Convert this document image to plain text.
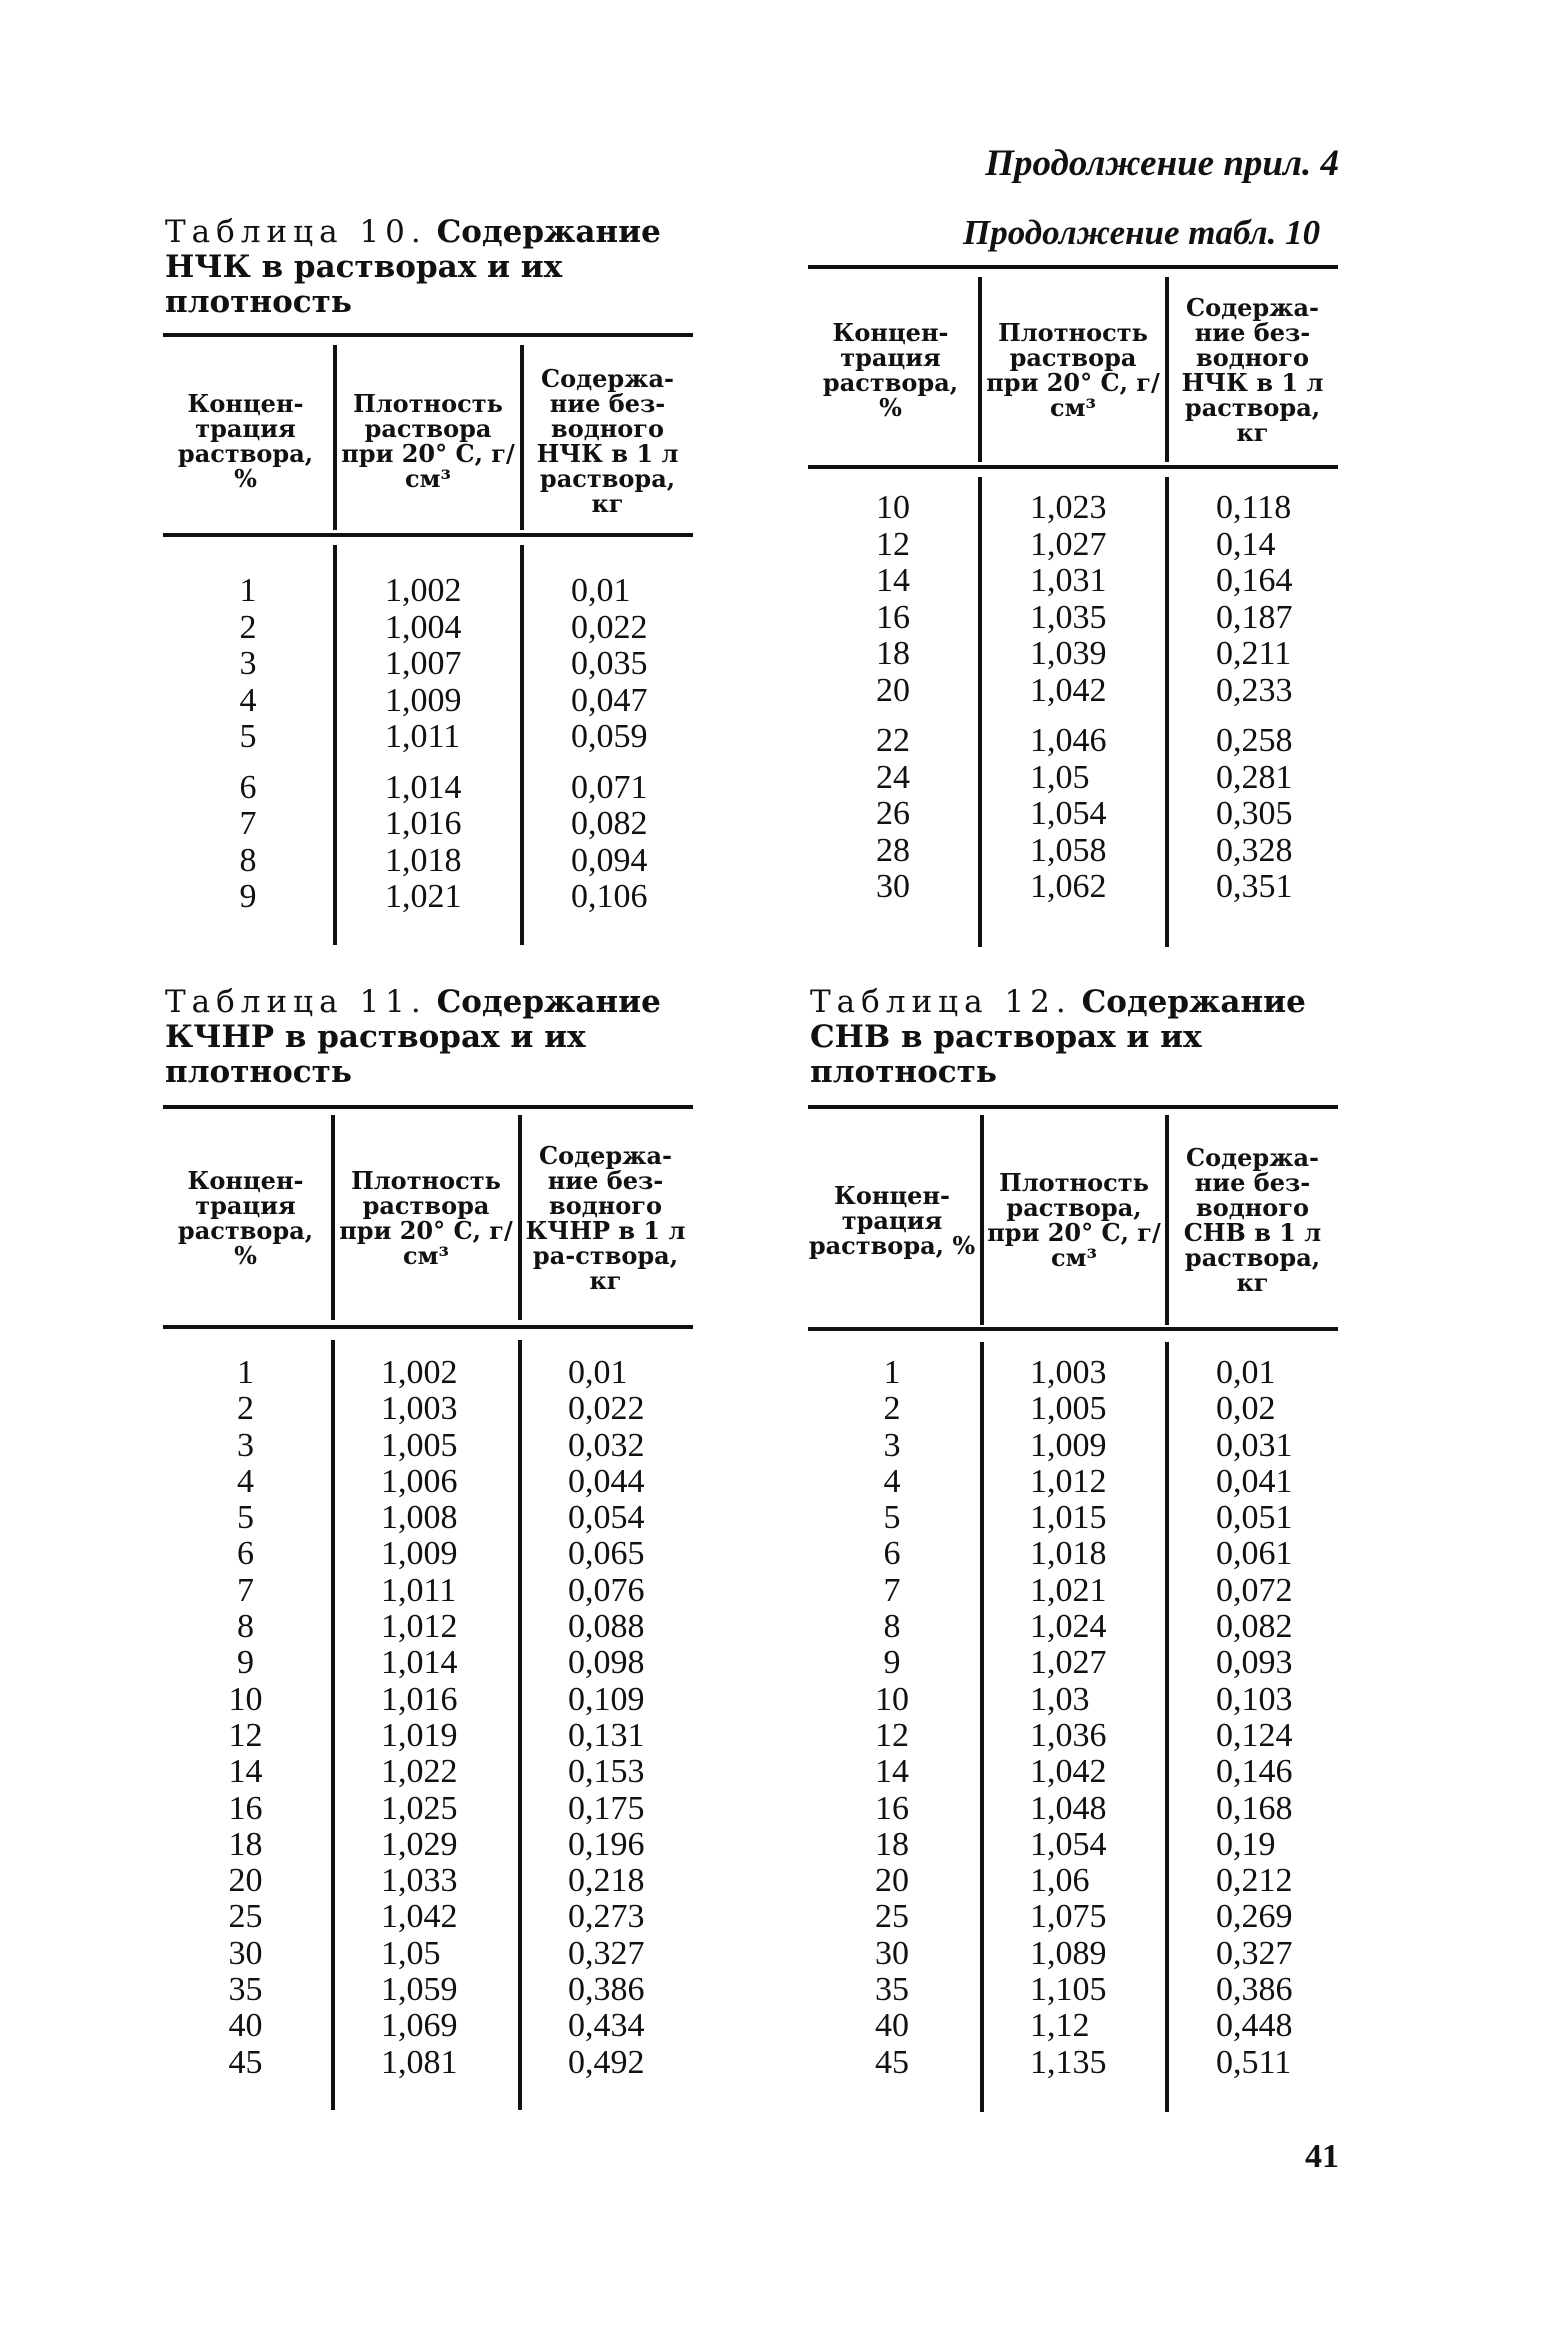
Продолжение прил. 4
Таблица 10. Содержание НЧК в растворах и их плотность
Концен-трация раствора, %
Плотность раствора при 20° С, г/см³
Содержа-ние без-водного НЧК в 1 л раствора, кг
1
2
3
4
5
1,002
1,004
1,007
1,009
1,011
0,01
0,022
0,035
0,047
0,059
6
7
8
9
1,014
1,016
1,018
1,021
0,071
0,082
0,094
0,106
Продолжение табл. 10
Концен-трация раствора, %
Плотность раствора при 20° С, г/см³
Содержа-ние без-водного НЧК в 1 л раствора, кг
10
12
14
16
18
20
1,023
1,027
1,031
1,035
1,039
1,042
0,118
0,14
0,164
0,187
0,211
0,233
22
24
26
28
30
1,046
1,05
1,054
1,058
1,062
0,258
0,281
0,305
0,328
0,351
Таблица 11. Содержание КЧНР в растворах и их плотность
Концен-трация раствора, %
Плотность раствора при 20° С, г/см³
Содержа-ние без-водного КЧНР в 1 л ра-створа, кг
1
2
3
4
5
6
7
8
9
10
12
14
16
18
20
25
30
35
40
45
1,002
1,003
1,005
1,006
1,008
1,009
1,011
1,012
1,014
1,016
1,019
1,022
1,025
1,029
1,033
1,042
1,05
1,059
1,069
1,081
0,01
0,022
0,032
0,044
0,054
0,065
0,076
0,088
0,098
0,109
0,131
0,153
0,175
0,196
0,218
0,273
0,327
0,386
0,434
0,492
Таблица 12. Содержание СНВ в растворах и их плотность
Концен-трация раствора, %
Плотность раствора, при 20° С, г/см³
Содержа-ние без-водного СНВ в 1 л раствора, кг
1
2
3
4
5
6
7
8
9
10
12
14
16
18
20
25
30
35
40
45
1,003
1,005
1,009
1,012
1,015
1,018
1,021
1,024
1,027
1,03
1,036
1,042
1,048
1,054
1,06
1,075
1,089
1,105
1,12
1,135
0,01
0,02
0,031
0,041
0,051
0,061
0,072
0,082
0,093
0,103
0,124
0,146
0,168
0,19
0,212
0,269
0,327
0,386
0,448
0,511
41
